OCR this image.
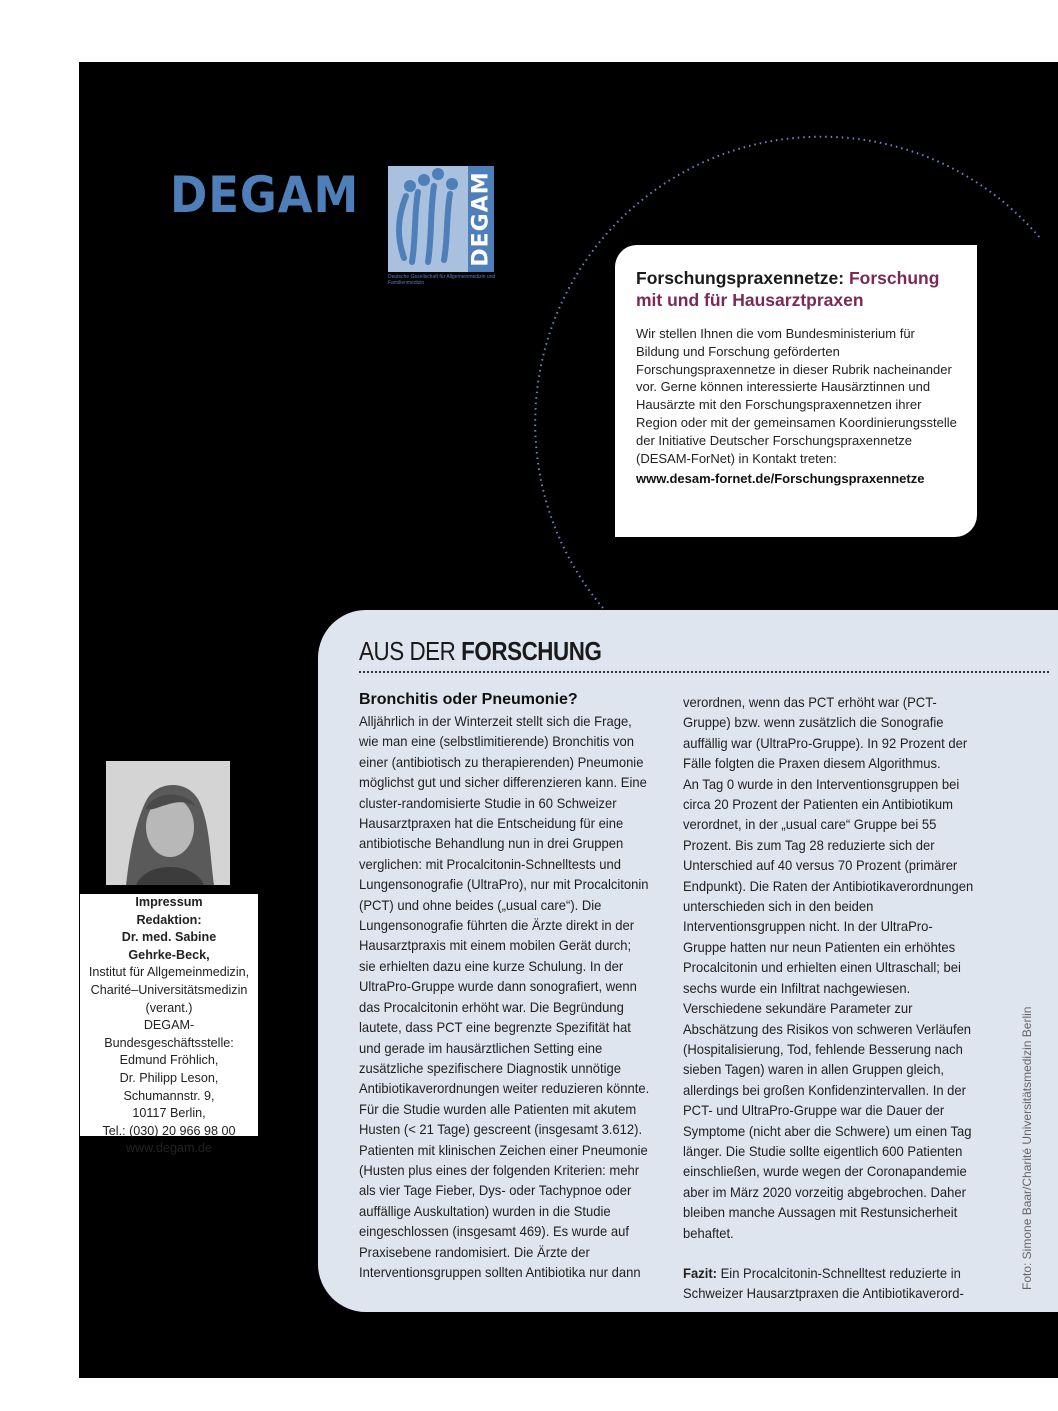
DEGAM	DEGAM

Deutsche Gesellschaft für Allgemeinmedizin und Familienmedizin	Forschungspraxennetze: Forschung mit und für Hausarztpraxen

Wir stellen Ihnen die vom Bundesministerium für Bildung und Forschung geförderten Forschungspraxennetze in dieser Rubrik nacheinander vor. Gerne können interessierte Hausärztinnen und Hausärzte mit den Forschungspraxennetzen ihrer Region oder mit der gemeinsamen Koordinierungsstelle der Initiative Deutscher Forschungspraxennetze (DESAM-ForNet) in Kontakt treten:

www.desam-fornet.de/Forschungspraxennetze

AUS DER FORSCHUNG
Bronchitis oder Pneumonie?

Alljährlich in der Winterzeit stellt sich die Frage, wie man eine (selbstlimitierende) Bronchitis von einer (antibiotisch zu therapierenden) Pneumonie möglichst gut und sicher differenzieren kann. Eine cluster-randomisierte Studie in 60 Schweizer Hausarztpraxen hat die Entscheidung für eine antibiotische Behandlung nun in drei Gruppen verglichen: mit Procalcitonin-Schnelltests und Lungensonografie (UltraPro), nur mit Procalcitonin (PCT) und ohne beides („usual care“). Die Lungensonografie führten die Ärzte direkt in der Hausarztpraxis mit einem mobilen Gerät durch; sie erhielten dazu eine kurze Schulung. In der UltraPro-Gruppe wurde dann sonografiert, wenn das Procalcitonin erhöht war. Die Begründung lautete, dass PCT eine begrenzte Spezifität hat und gerade im hausärztlichen Setting eine zusätzliche spezifischere Diagnostik unnötige Antibiotikaverordnungen weiter reduzieren könnte. Für die Studie wurden alle Patienten mit akutem Husten (< 21 Tage) gescreent (insgesamt 3.612). Patienten mit klinischen Zeichen einer Pneumonie (Husten plus eines der folgenden Kriterien: mehr als vier Tage Fieber, Dys- oder Tachypnoe oder auffällige Auskultation) wurden in die Studie eingeschlossen (insgesamt 469). Es wurde auf Praxisebene randomisiert. Die Ärzte der Interventionsgruppen sollten Antibiotika nur dann

verordnen, wenn das PCT erhöht war (PCT-Gruppe) bzw. wenn zusätzlich die Sonografie auffällig war (UltraPro-Gruppe). In 92 Prozent der Fälle folgten die Praxen diesem Algorithmus.

An Tag 0 wurde in den Interventionsgruppen bei circa 20 Prozent der Patienten ein Antibiotikum verordnet, in der „usual care“ Gruppe bei 55 Prozent. Bis zum Tag 28 reduzierte sich der Unterschied auf 40 versus 70 Prozent (primärer Endpunkt). Die Raten der Antibiotikaverordnungen unterschieden sich in den beiden Interventionsgruppen nicht. In der UltraPro-Gruppe hatten nur neun Patienten ein erhöhtes Procalcitonin und erhielten einen Ultraschall; bei sechs wurde ein Infiltrat nachgewiesen. Verschiedene sekundäre Parameter zur Abschätzung des Risikos von schweren Verläufen (Hospitalisierung, Tod, fehlende Besserung nach sieben Tagen) waren in allen Gruppen gleich, allerdings bei großen Konfidenzintervallen. In der PCT- und UltraPro-Gruppe war die Dauer der Symptome (nicht aber die Schwere) um einen Tag länger. Die Studie sollte eigentlich 600 Patienten einschließen, wurde wegen der Coronapandemie aber im März 2020 vorzeitig abgebrochen. Daher bleiben manche Aussagen mit Restunsicherheit behaftet.

Fazit: Ein Procalcitonin-Schnelltest reduzierte in Schweizer Hausarztpraxen die Antibiotikaverord-

Impressum

Redaktion:

Dr. med. Sabine

Gehrke-Beck,

Institut für Allgemeinmedizin,

Charité–Universitätsmedizin

(verant.)

DEGAM-Bundesgeschäftsstelle:

Edmund Fröhlich,

Dr. Philipp Leson,

Schumannstr. 9,

10117 Berlin,

Tel.: (030) 20 966 98 00

www.degam.de	Foto: Simone Baar/Charité Universitätsmedizin Berlin
